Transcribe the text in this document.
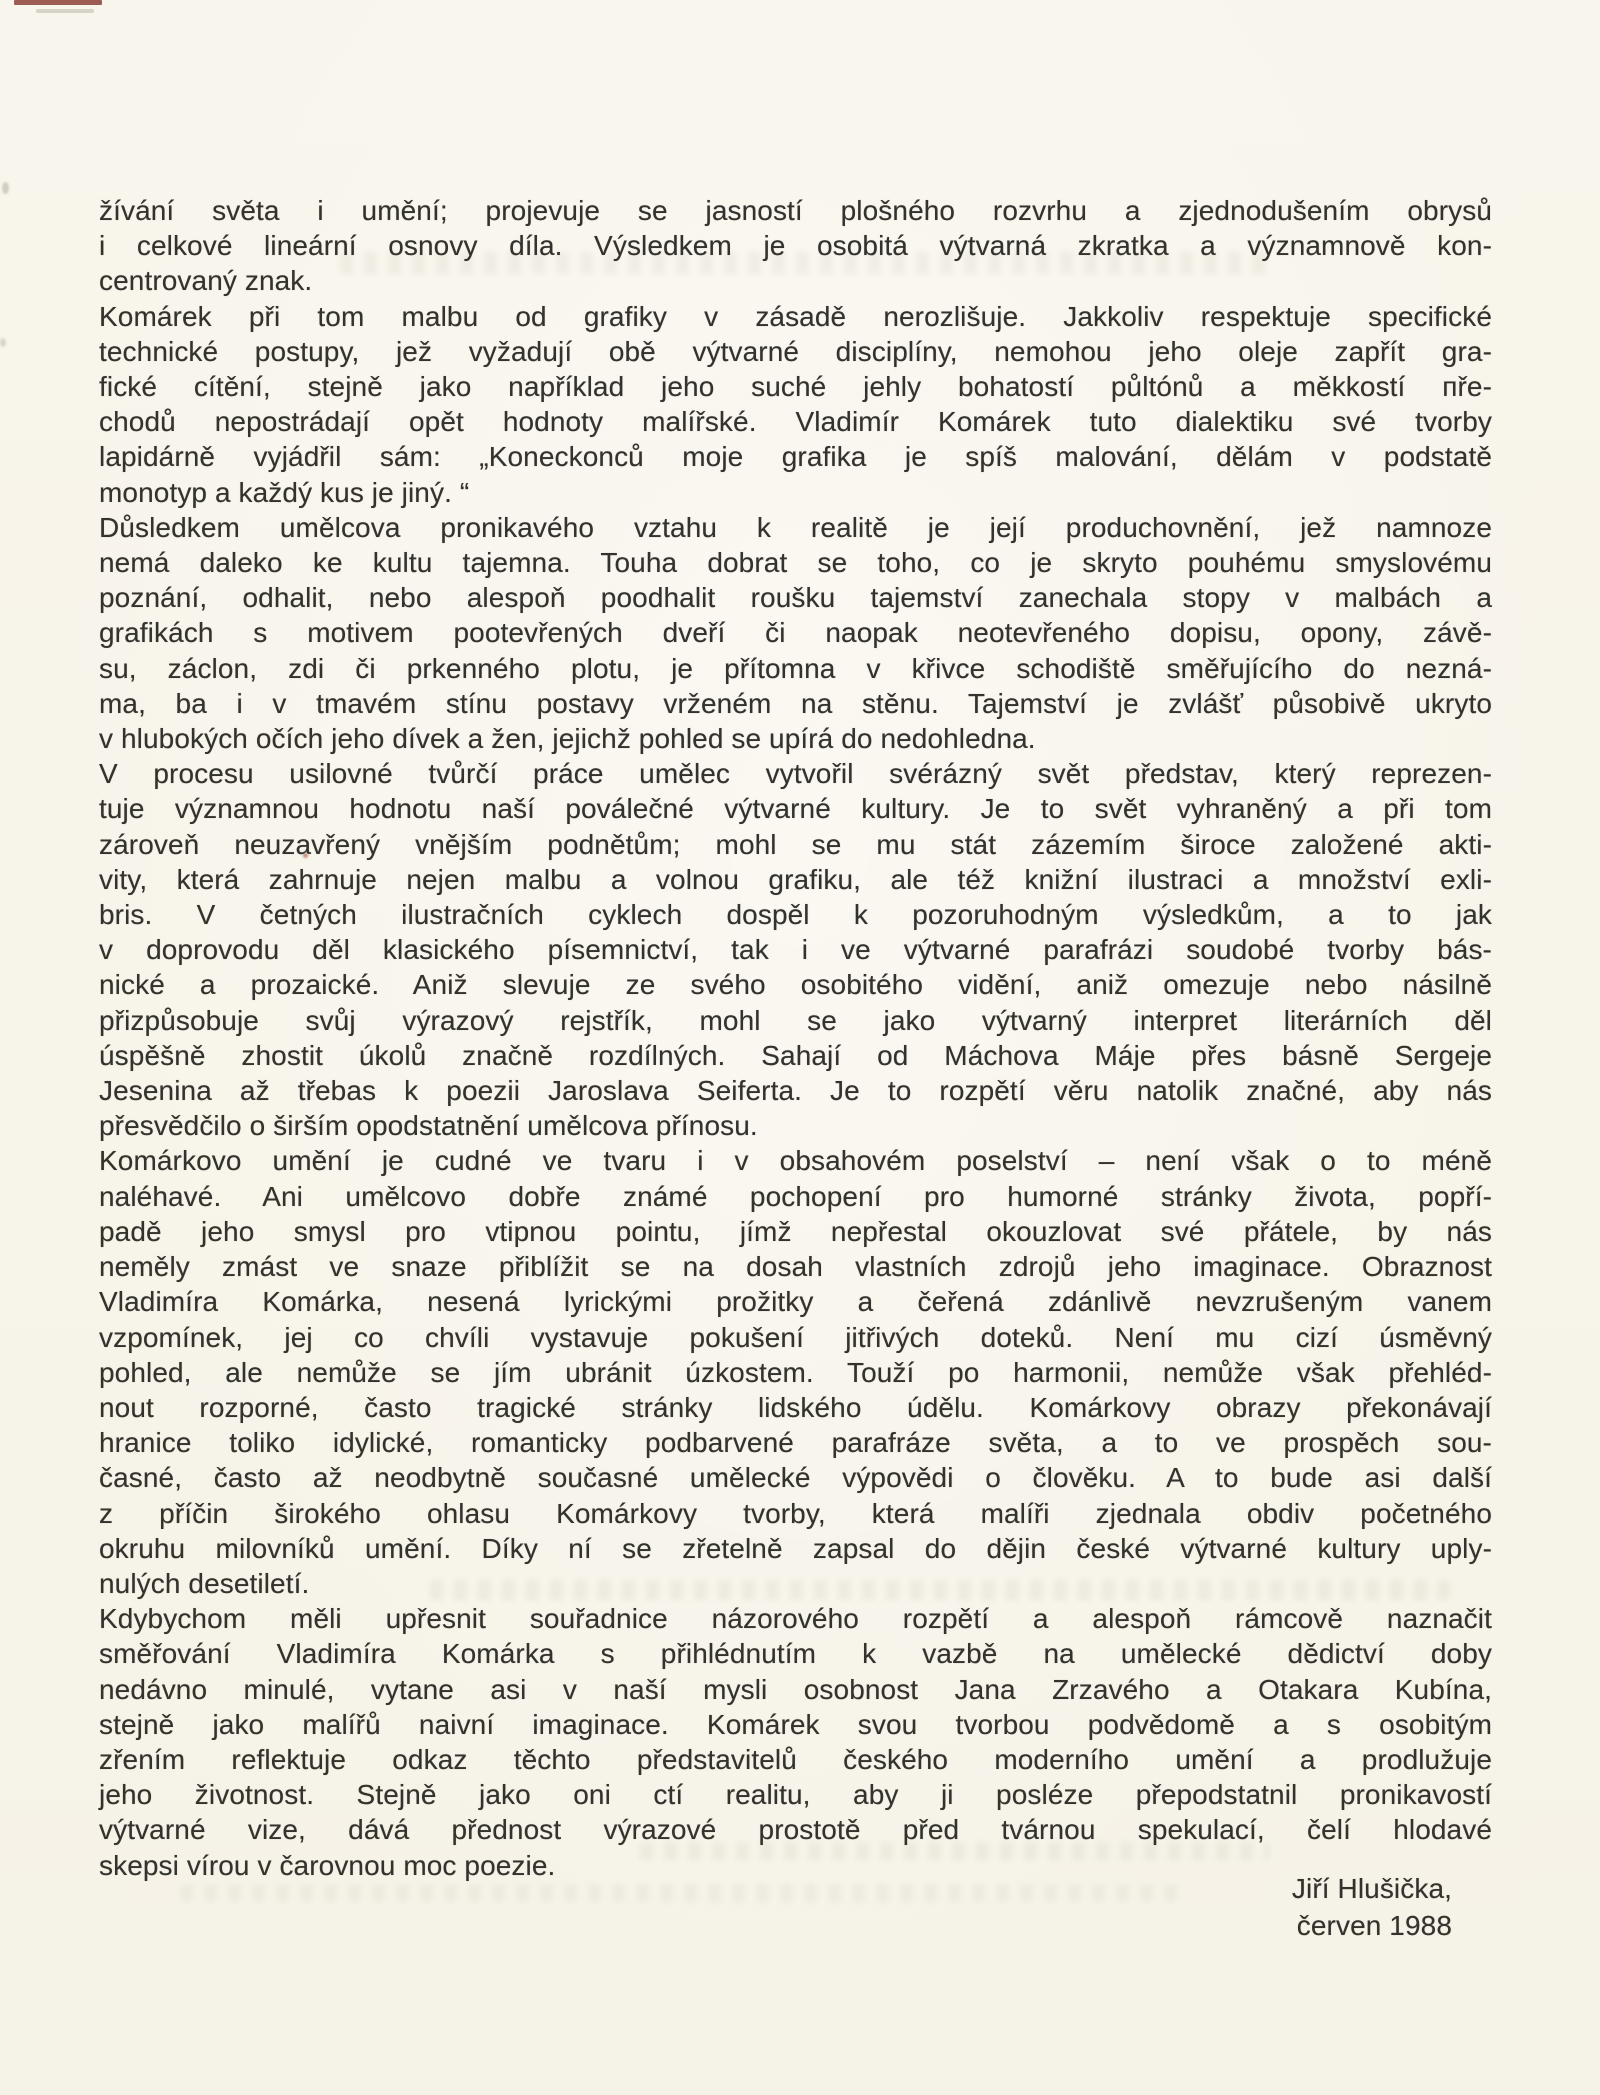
žívání světa i umění; projevuje se jasností plošného rozvrhu a zjednodušením obrysů
i celkové lineární osnovy díla. Výsledkem je osobitá výtvarná zkratka a významnově kon-
centrovaný znak.
Komárek při tom malbu od grafiky v zásadě nerozlišuje. Jakkoliv respektuje specifické
technické postupy, jež vyžadují obě výtvarné disciplíny, nemohou jeho oleje zapřít gra-
fické cítění, stejně jako například jeho suché jehly bohatostí půltónů a měkkostí пře-
chodů nepostrádají opět hodnoty malířské. Vladimír Komárek tuto dialektiku své tvorby
lapidárně vyjádřil sám: „Koneckonců moje grafika je spíš malování, dělám v podstatě
monotyp a každý kus je jiný. “
Důsledkem umělcova pronikavého vztahu k realitě je její produchovnění, jež namnoze
nemá daleko ke kultu tajemna. Touha dobrat se toho, co je skryto pouhému smyslovému
poznání, odhalit, nebo alespoň poodhalit roušku tajemství zanechala stopy v malbách a
grafikách s motivem pootevřených dveří či naopak neotevřeného dopisu, opony, závě-
su, záclon, zdi či prkenného plotu, je přítomna v křivce schodiště směřujícího do nezná-
ma, ba i v tmavém stínu postavy vrženém na stěnu. Tajemství je zvlášť působivě ukryto
v hlubokých očích jeho dívek a žen, jejichž pohled se upírá do nedohledna.
V procesu usilovné tvůrčí práce umělec vytvořil svérázný svět představ, který reprezen-
tuje významnou hodnotu naší poválečné výtvarné kultury. Je to svět vyhraněný a při tom
zároveň neuzavřený vnějším podnětům; mohl se mu stát zázemím široce založené akti-
vity, která zahrnuje nejen malbu a volnou grafiku, ale též knižní ilustraci a množství exli-
bris. V četných ilustračních cyklech dospěl k pozoruhodným výsledkům, a to jak
v doprovodu děl klasického písemnictví, tak i ve výtvarné parafrázi soudobé tvorby bás-
nické a prozaické. Aniž slevuje ze svého osobitého vidění, aniž omezuje nebo násilně
přizpůsobuje svůj výrazový rejstřík, mohl se jako výtvarný interpret literárních děl
úspěšně zhostit úkolů značně rozdílných. Sahají od Máchova Máje přes básně Sergeje
Jesenina až třebas k poezii Jaroslava Seiferta. Je to rozpětí věru natolik značné, aby nás
přesvědčilo o širším opodstatnění umělcova přínosu.
Komárkovo umění je cudné ve tvaru i v obsahovém poselství – není však o to méně
naléhavé. Ani umělcovo dobře známé pochopení pro humorné stránky života, popří-
padě jeho smysl pro vtipnou pointu, jímž nepřestal okouzlovat své přátele, by nás
neměly zmást ve snaze přiblížit se na dosah vlastních zdrojů jeho imaginace. Obraznost
Vladimíra Komárka, nesená lyrickými prožitky a čeřená zdánlivě nevzrušeným vanem
vzpomínek, jej co chvíli vystavuje pokušení jitřivých doteků. Není mu cizí úsměvný
pohled, ale nemůže se jím ubránit úzkostem. Touží po harmonii, nemůže však přehléd-
nout rozporné, často tragické stránky lidského údělu. Komárkovy obrazy překonávají
hranice toliko idylické, romanticky podbarvené parafráze světa, a to ve prospěch sou-
časné, často až neodbytně současné umělecké výpovědi o člověku. A to bude asi další
z příčin širokého ohlasu Komárkovy tvorby, která malíři zjednala obdiv početného
okruhu milovníků umění. Díky ní se zřetelně zapsal do dějin české výtvarné kultury uply-
nulých desetiletí.
Kdybychom měli upřesnit souřadnice názorového rozpětí a alespoň rámcově naznačit
směřování Vladimíra Komárka s přihlédnutím k vazbě na umělecké dědictví doby
nedávno minulé, vytane asi v naší mysli osobnost Jana Zrzavého a Otakara Kubína,
stejně jako malířů naivní imaginace. Komárek svou tvorbou podvědomě a s osobitým
zřením reflektuje odkaz těchto představitelů českého moderního umění a prodlužuje
jeho životnost. Stejně jako oni ctí realitu, aby ji posléze přepodstatnil pronikavostí
výtvarné vize, dává přednost výrazové prostotě před tvárnou spekulací, čelí hlodavé
skepsi vírou v čarovnou moc poezie.
Jiří Hlušička,
červen 1988
